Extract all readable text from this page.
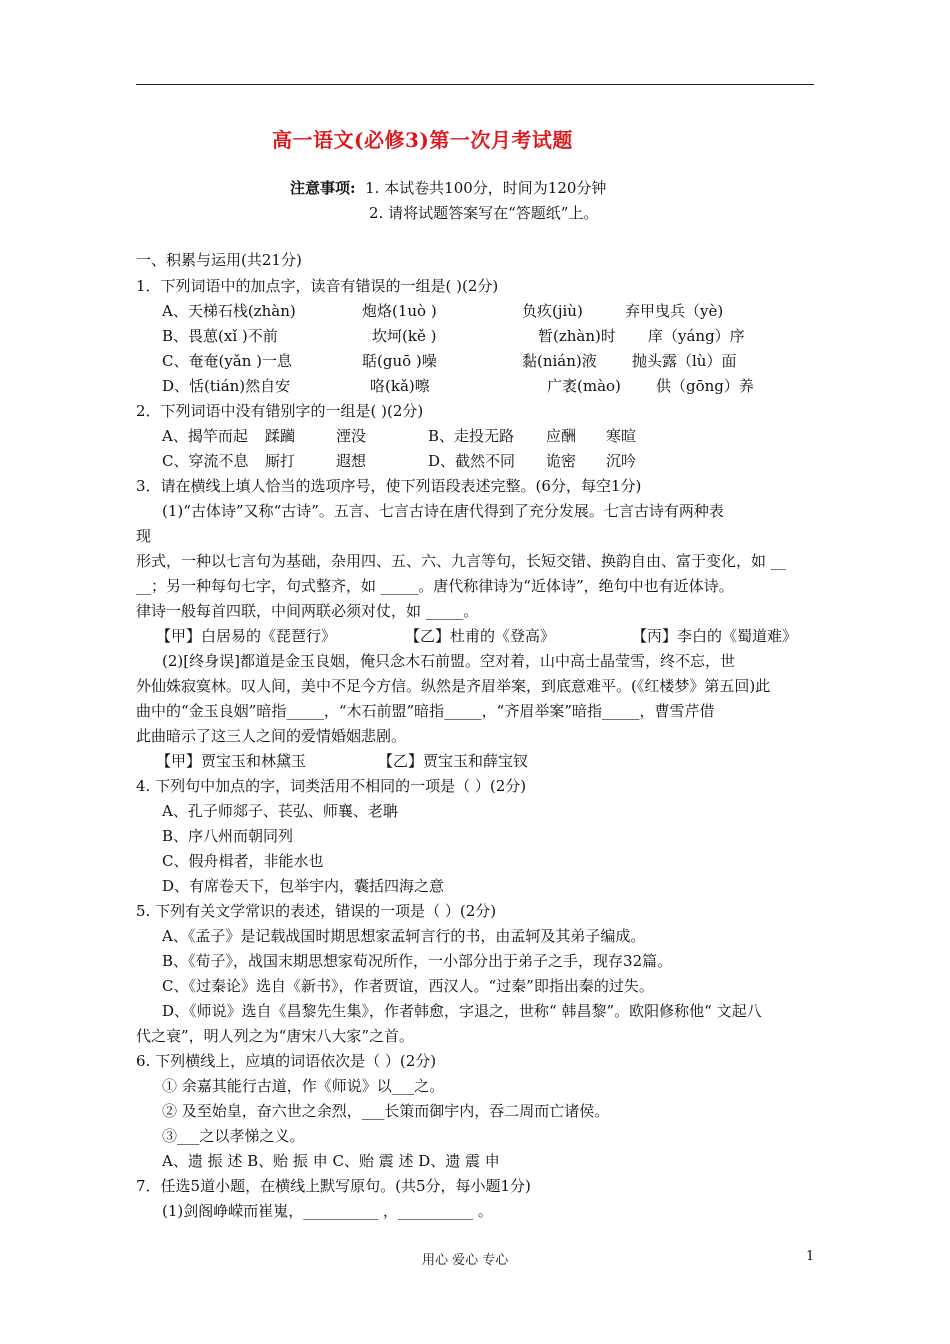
高一语文(必修3)第一次月考试题
注意事项: 1. 本试卷共100分，时间为120分钟
2. 请将试题答案写在“答题纸”上。
一、积累与运用(共21分)
1．下列词语中的加点字，读音有错误的一组是( )(2分)
A、天梯石栈(zhàn)	炮烙(1uò )	负疚(jiù)	弃甲曳兵（yè)
B、畏葸(xǐ )不前	坎坷(kě )	暂(zhàn)时 庠（yáng）序
C、奄奄(yǎn )一息	聒(guō )噪	黏(nián)液 抛头露（lù）面
D、恬(tián)然自安	咯(kǎ)嚓	广袤(mào) 供（gōng）养
2．下列词语中没有错别字的一组是( )(2分)
A、揭竿而起 蹂躏	湮没	B、走投无路 应酬 寒暄
C、穿流不息 厮打	遐想	D、截然不同 诡密 沉吟
3．请在横线上填人恰当的选项序号，使下列语段表述完整。(6分，每空1分)
(1)“古体诗”又称“古诗”。五言、七言古诗在唐代得到了充分发展。七言古诗有两种表
现
形式，一种以七言句为基础，杂用四、五、六、九言等句，长短交错、换韵自由、富于变化，如 __
__；另一种每句七字，句式整齐，如 _____。唐代称律诗为“近体诗”，绝句中也有近体诗。
律诗一般每首四联，中间两联必须对仗，如 _____。
【甲】白居易的《琵琶行》	【乙】杜甫的《登高》	【丙】李白的《蜀道难》
(2)[终身误]都道是金玉良姻，俺只念木石前盟。空对着，山中高士晶莹雪，终不忘，世
外仙姝寂寞林。叹人间，美中不足今方信。纵然是齐眉举案，到底意难平。(《红楼梦》第五回)此
曲中的“金玉良姻”暗指_____，“木石前盟”暗指_____，“齐眉举案”暗指_____，曹雪芹借
此曲暗示了这三人之间的爱情婚姻悲剧。
【甲】贾宝玉和林黛玉	【乙】贾宝玉和薛宝钗
4. 下列句中加点的字，词类活用不相同的一项是（ ）(2分)
A、孔子师郯子、苌弘、师襄、老聃
B、序八州而朝同列
C、假舟楫者，非能水也
D、有席卷天下，包举宇内，囊括四海之意
5. 下列有关文学常识的表述，错误的一项是（ ）(2分)
A、《孟子》是记载战国时期思想家孟轲言行的书，由孟轲及其弟子编成。
B、《荀子》，战国末期思想家荀况所作，一小部分出于弟子之手，现存32篇。
C、《过秦论》选自《新书》，作者贾谊，西汉人。“过秦”即指出秦的过失。
D、《师说》选自《昌黎先生集》，作者韩愈，字退之，世称“ 韩昌黎”。欧阳修称他“ 文起八
代之衰”，明人列之为“唐宋八大家”之首。
6. 下列横线上，应填的词语依次是（ ）(2分)
① 余嘉其能行古道，作《师说》以___之。
② 及至始皇，奋六世之余烈，___长策而御宇内，吞二周而亡诸侯。
③___之以孝悌之义。
A、遗 振 述 B、贻 振 申 C、贻 震 述 D、遗 震 申
7．任选5道小题，在横线上默写原句。(共5分，每小题1分)
(1)剑阁峥嵘而崔嵬，__________ ，__________ 。
用心 爱心 专心	1
